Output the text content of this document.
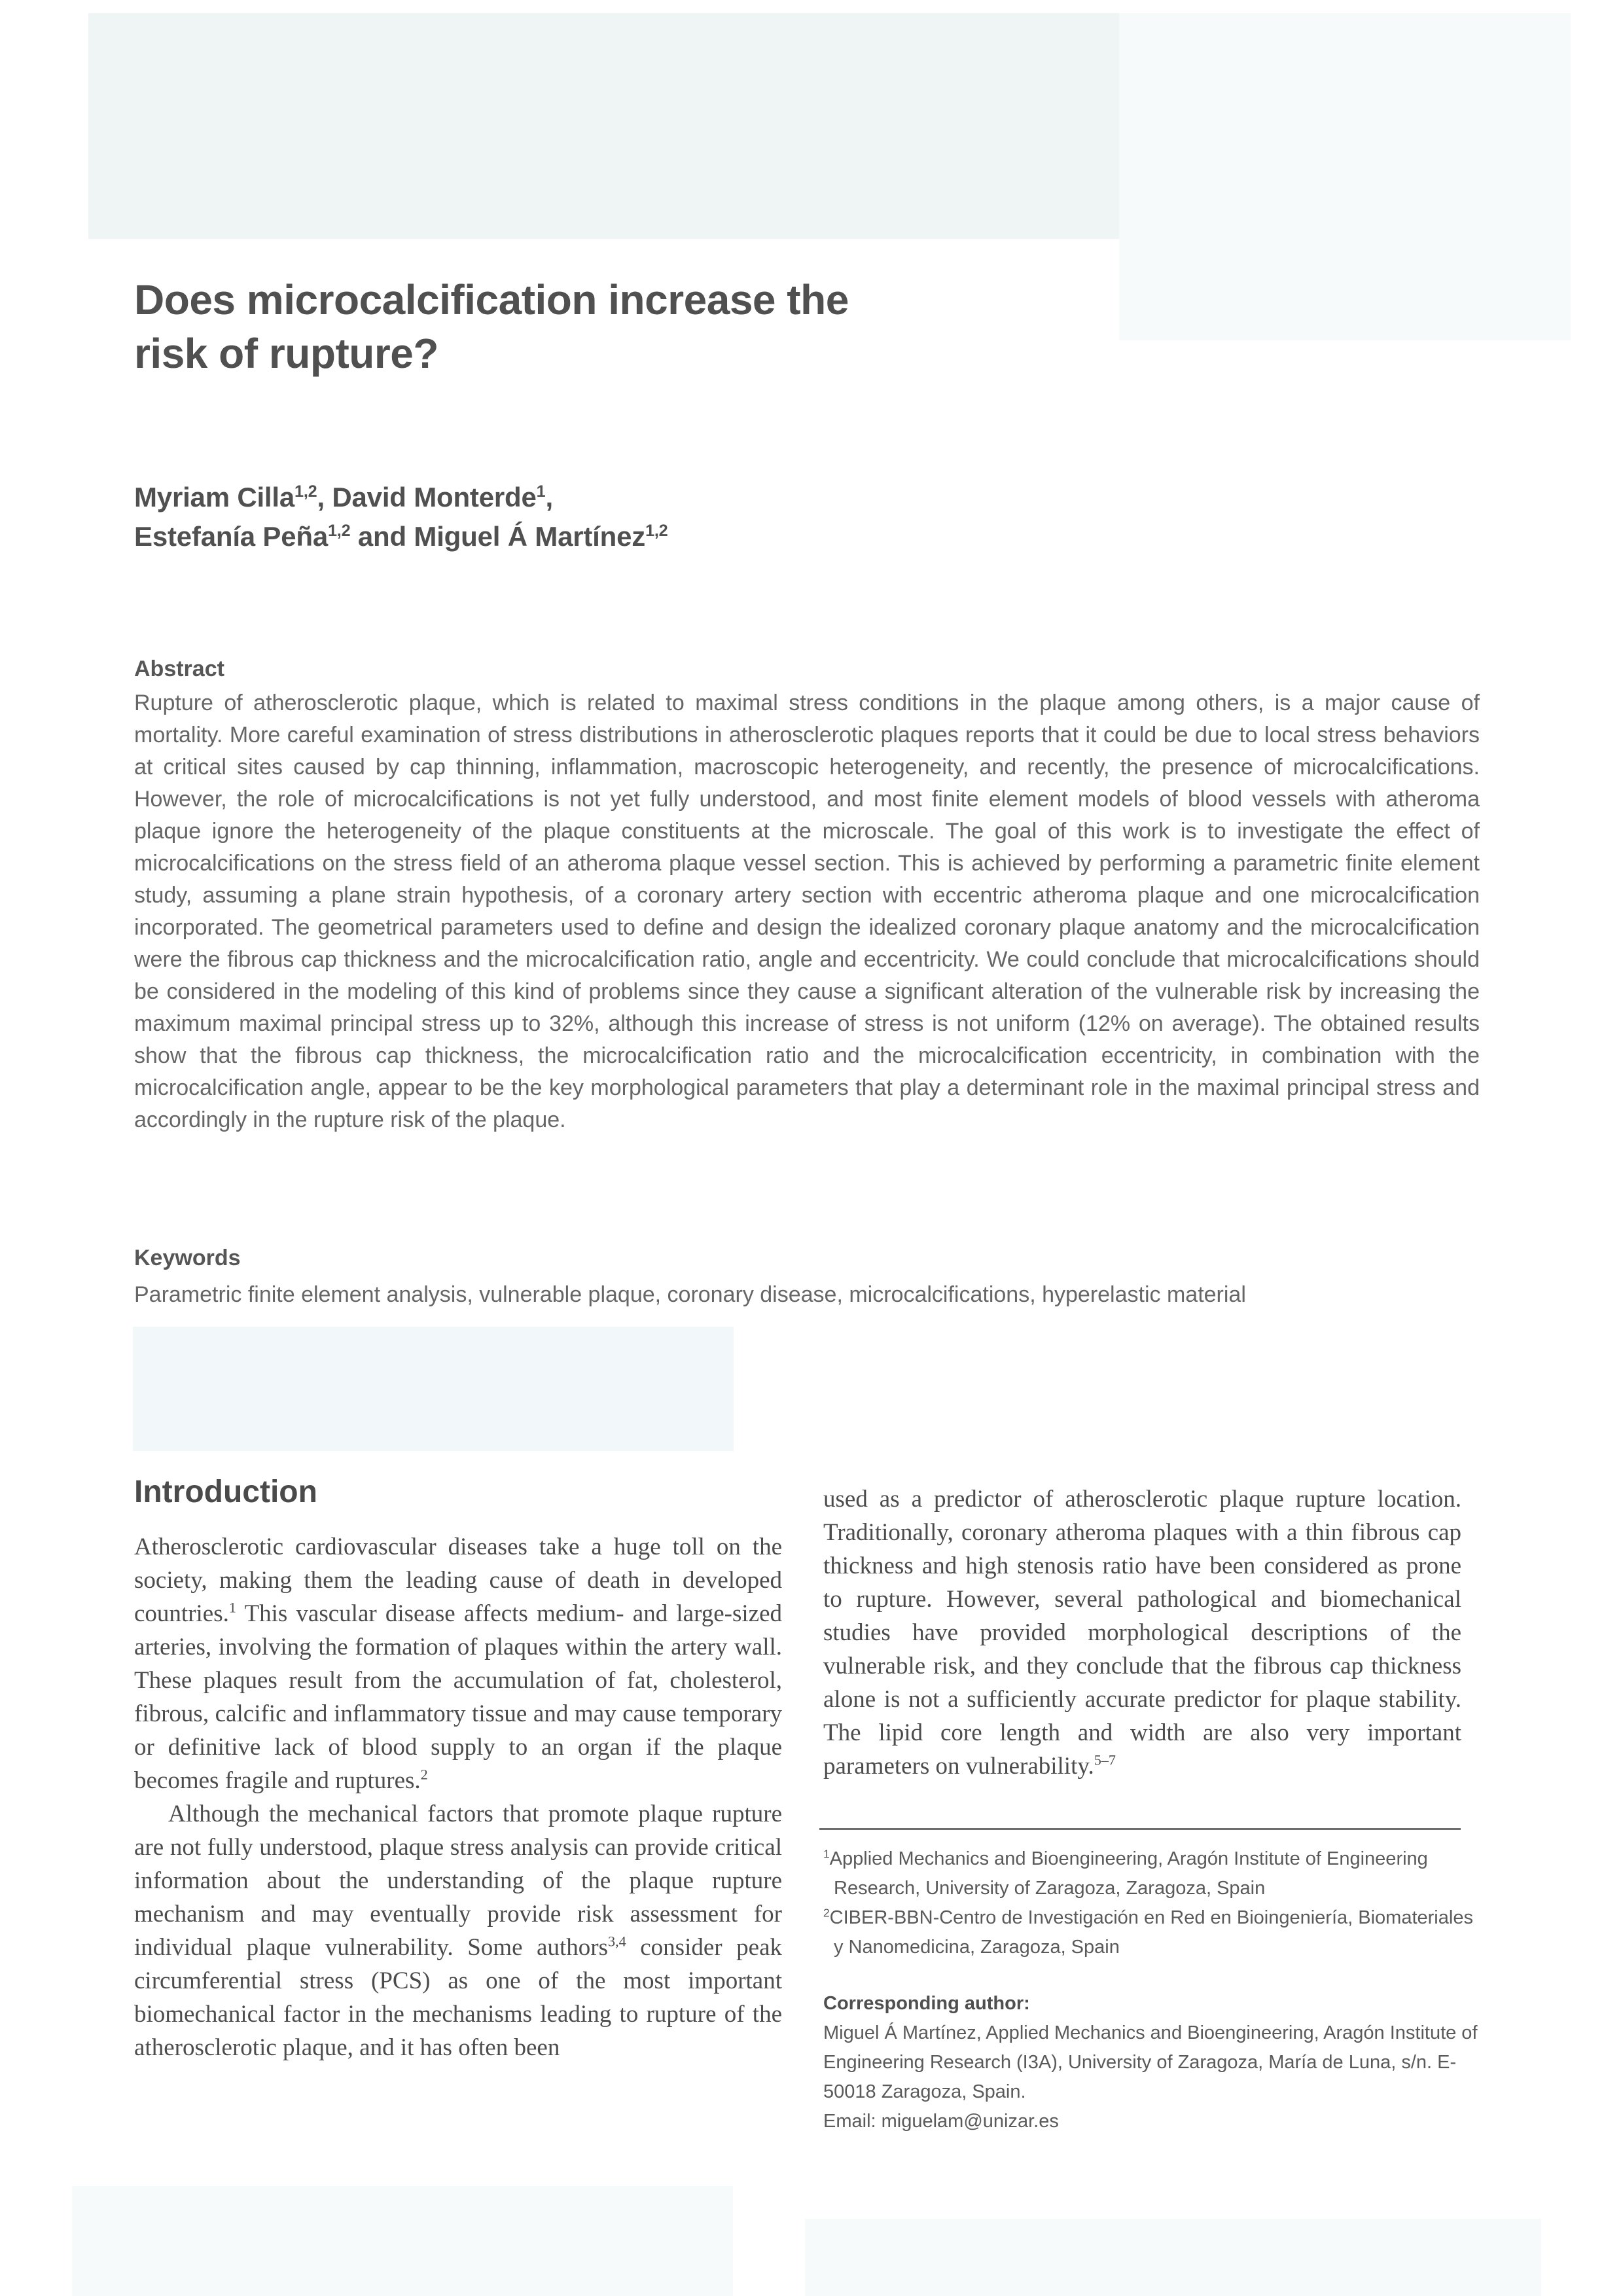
Does microcalcification increase the
risk of rupture?
Myriam Cilla$^{1,2}$, David Monterde$^1$,
Estefanía Peña$^{1,2}$ and Miguel Á Martínez$^{1,2}$
Abstract

Rupture of atherosclerotic plaque, which is related to maximal stress conditions in the plaque among others, is a major cause of mortality. More careful examination of stress distributions in atherosclerotic plaques reports that it could be due to local stress behaviors at critical sites caused by cap thinning, inflammation, macroscopic heterogeneity, and recently, the presence of microcalcifications. However, the role of microcalcifications is not yet fully understood, and most finite element models of blood vessels with atheroma plaque ignore the heterogeneity of the plaque constituents at the microscale. The goal of this work is to investigate the effect of microcalcifications on the stress field of an atheroma plaque vessel section. This is achieved by performing a parametric finite element study, assuming a plane strain hypothesis, of a coronary artery section with eccentric atheroma plaque and one microcalcification incorporated. The geometrical parameters used to define and design the idealized coronary plaque anatomy and the microcalcification were the fibrous cap thickness and the microcalcification ratio, angle and eccentricity. We could conclude that microcalcifications should be considered in the modeling of this kind of problems since they cause a significant alteration of the vulnerable risk by increasing the maximum maximal principal stress up to 32%, although this increase of stress is not uniform (12% on average). The obtained results show that the fibrous cap thickness, the microcalcification ratio and the microcalcification eccentricity, in combination with the microcalcification angle, appear to be the key morphological parameters that play a determinant role in the maximal principal stress and accordingly in the rupture risk of the plaque.

Keywords

Parametric finite element analysis, vulnerable plaque, coronary disease, microcalcifications, hyperelastic material

Introduction

Atherosclerotic cardiovascular diseases take a huge toll on the society, making them the leading cause of death in developed countries.$^1$ This vascular disease affects medium- and large-sized arteries, involving the formation of plaques within the artery wall. These plaques result from the accumulation of fat, cholesterol, fibrous, calcific and inflammatory tissue and may cause temporary or definitive lack of blood supply to an organ if the plaque becomes fragile and ruptures.$^2$

Although the mechanical factors that promote plaque rupture are not fully understood, plaque stress analysis can provide critical information about the understanding of the plaque rupture mechanism and may eventually provide risk assessment for individual plaque vulnerability. Some authors$^{3,4}$ consider peak circumferential stress (PCS) as one of the most important biomechanical factor in the mechanisms leading to rupture of the atherosclerotic plaque, and it has often been

used as a predictor of atherosclerotic plaque rupture location. Traditionally, coronary atheroma plaques with a thin fibrous cap thickness and high stenosis ratio have been considered as prone to rupture. However, several pathological and biomechanical studies have provided morphological descriptions of the vulnerable risk, and they conclude that the fibrous cap thickness alone is not a sufficiently accurate predictor for plaque stability. The lipid core length and width are also very important parameters on vulnerability.$^{5-7}$

$^1$Applied Mechanics and Bioengineering, Aragón Institute of Engineering Research, University of Zaragoza, Zaragoza, Spain

$^2$CIBER-BBN-Centro de Investigación en Red en Bioingeniería, Biomateriales y Nanomedicina, Zaragoza, Spain

Corresponding author:

Miguel Á Martínez, Applied Mechanics and Bioengineering, Aragón Institute of Engineering Research (I3A), University of Zaragoza, María de Luna, s/n. E-50018 Zaragoza, Spain.

Email: miguelam@unizar.es
